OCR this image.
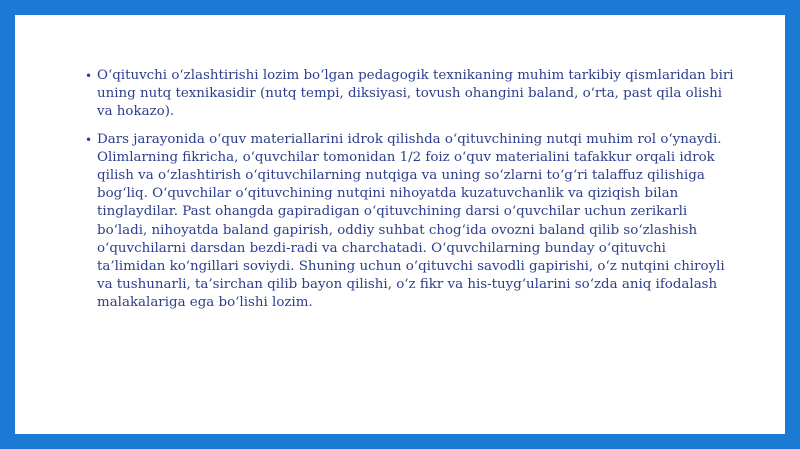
• O‘qituvchi o‘zlashtirishi lozim bo‘lgan pedagogik texnikaning muhim tarkibiy qismlaridan biri uning nutq texnikasidir (nutq tempi, diksiyasi, tovush ohangini baland, o‘rta, past qila olishi va hokazo).
• Dars jarayonida o‘quv materiallarini idrok qilishda o‘qituvchining nutqi muhim rol o‘ynaydi. Olimlarning fikricha, o‘quvchilar tomonidan 1/2 foiz o‘quv materialini tafakkur orqali idrok qilish va o‘zlashtirish o‘qituvchilarning nutqiga va uning so‘zlarni to‘g‘ri talaffuz qilishiga bog‘liq. O‘quvchilar o‘qituvchining nutqini nihoyatda kuzatuvchanlik va qiziqish bilan tinglaydilar. Past ohangda gapiradigan o‘qituvchining darsi o‘quvchilar uchun zerikarli bo‘ladi, nihoyatda baland gapirish, oddiy suhbat chog‘ida ovozni baland qilib so‘zlashish o‘quvchilarni darsdan bezdi-radi va charchatadi. O‘quvchilarning bunday o‘qituvchi ta’limidan ko‘ngillari soviydi. Shuning uchun o‘qituvchi savodli gapirishi, o‘z nutqini chiroyli va tushunarli, ta’sirchan qilib bayon qilishi, o‘z fikr va his-tuyg‘ularini so‘zda aniq ifodalash malakalariga ega bo‘lishi lozim.
